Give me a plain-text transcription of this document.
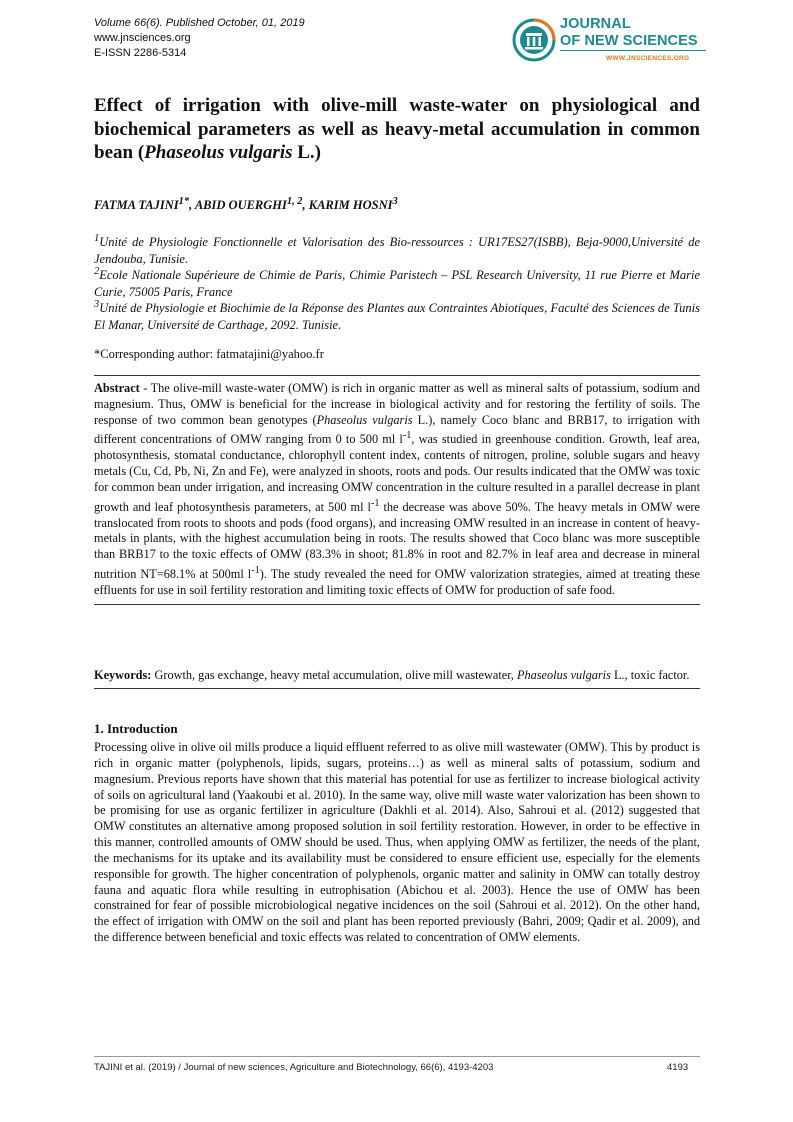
Volume 66(6). Published October, 01, 2019
www.jnsciences.org
E-ISSN 2286-5314
JOURNAL
OF NEW SCIENCES
WWW.JNSCIENCES.ORG
Effect of irrigation with olive-mill waste-water on physiological and biochemical parameters as well as heavy-metal accumulation in common bean (Phaseolus vulgaris L.)
FATMA $TAJINI^{1*}$, ABID OUERGHI$^{1, 2}$, KARIM HOSNI$^3$
$^1$Unité de Physiologie Fonctionnelle et Valorisation des Bio-ressources : UR17ES27(ISBB), Beja-9000,Université de Jendouba, Tunisie.
$^2$Ecole Nationale Supérieure de Chimie de Paris, Chimie Paristech – PSL Research University, 11 rue Pierre et Marie Curie, 75005 Paris, France
$^3$Unité de Physiologie et Biochimie de la Réponse des Plantes aux Contraintes Abiotiques, Faculté des Sciences de Tunis El Manar, Université de Carthage, 2092. Tunisie.
*Corresponding author: fatmatajini@yahoo.fr

Abstract - The olive-mill waste-water (OMW) is rich in organic matter as well as mineral salts of potassium, sodium and magnesium. Thus, OMW is beneficial for the increase in biological activity and for restoring the fertility of soils. The response of two common bean genotypes (Phaseolus vulgaris L.), namely Coco blanc and BRB17, to irrigation with different concentrations of OMW ranging from 0 to 500 ml $l^{-1}$, was studied in greenhouse condition. Growth, leaf area, photosynthesis, stomatal conductance, chlorophyll content index, contents of nitrogen, proline, soluble sugars and heavy metals (Cu, Cd, Pb, Ni, Zn and Fe), were analyzed in shoots, roots and pods. Our results indicated that the OMW was toxic for common bean under irrigation, and increasing OMW concentration in the culture resulted in a parallel decrease in plant growth and leaf photosynthesis parameters, at 500 ml $l^{-1}$ the decrease was above 50%. The heavy metals in OMW were translocated from roots to shoots and pods (food organs), and increasing OMW resulted in an increase in content of heavy-metals in plants, with the highest accumulation being in roots. The results showed that Coco blanc was more susceptible than BRB17 to the toxic effects of OMW (83.3% in shoot; 81.8% in root and 82.7% in leaf area and decrease in mineral nutrition NT=68.1% at 500ml $l^{-1}$). The study revealed the need for OMW valorization strategies, aimed at treating these effluents for use in soil fertility restoration and limiting toxic effects of OMW for production of safe food.

Keywords: Growth, gas exchange, heavy metal accumulation, olive mill wastewater, Phaseolus vulgaris L., toxic factor.

1. Introduction

Processing olive in olive oil mills produce a liquid effluent referred to as olive mill wastewater (OMW). This by product is rich in organic matter (polyphenols, lipids, sugars, proteins…) as well as mineral salts of potassium, sodium and magnesium. Previous reports have shown that this material has potential for use as fertilizer to increase biological activity of soils on agricultural land (Yaakoubi et al. 2010). In the same way, olive mill waste water valorization has been shown to be promising for use as organic fertilizer in agriculture (Dakhli et al. 2014). Also, Sahroui et al. (2012) suggested that OMW constitutes an alternative among proposed solution in soil fertility restoration. However, in order to be effective in this manner, controlled amounts of OMW should be used. Thus, when applying OMW as fertilizer, the needs of the plant, the mechanisms for its uptake and its availability must be considered to ensure efficient use, especially for the elements responsible for growth. The higher concentration of polyphenols, organic matter and salinity in OMW can totally destroy fauna and aquatic flora while resulting in eutrophisation (Abichou et al. 2003). Hence the use of OMW has been constrained for fear of possible microbiological negative incidences on the soil (Sahroui et al. 2012). On the other hand, the effect of irrigation with OMW on the soil and plant has been reported previously (Bahri, 2009; Qadir et al. 2009), and the difference between beneficial and toxic effects was related to concentration of OMW elements.

TAJINI et al. (2019) / Journal of new sciences, Agriculture and Biotechnology, 66(6), 4193-4203	4193
